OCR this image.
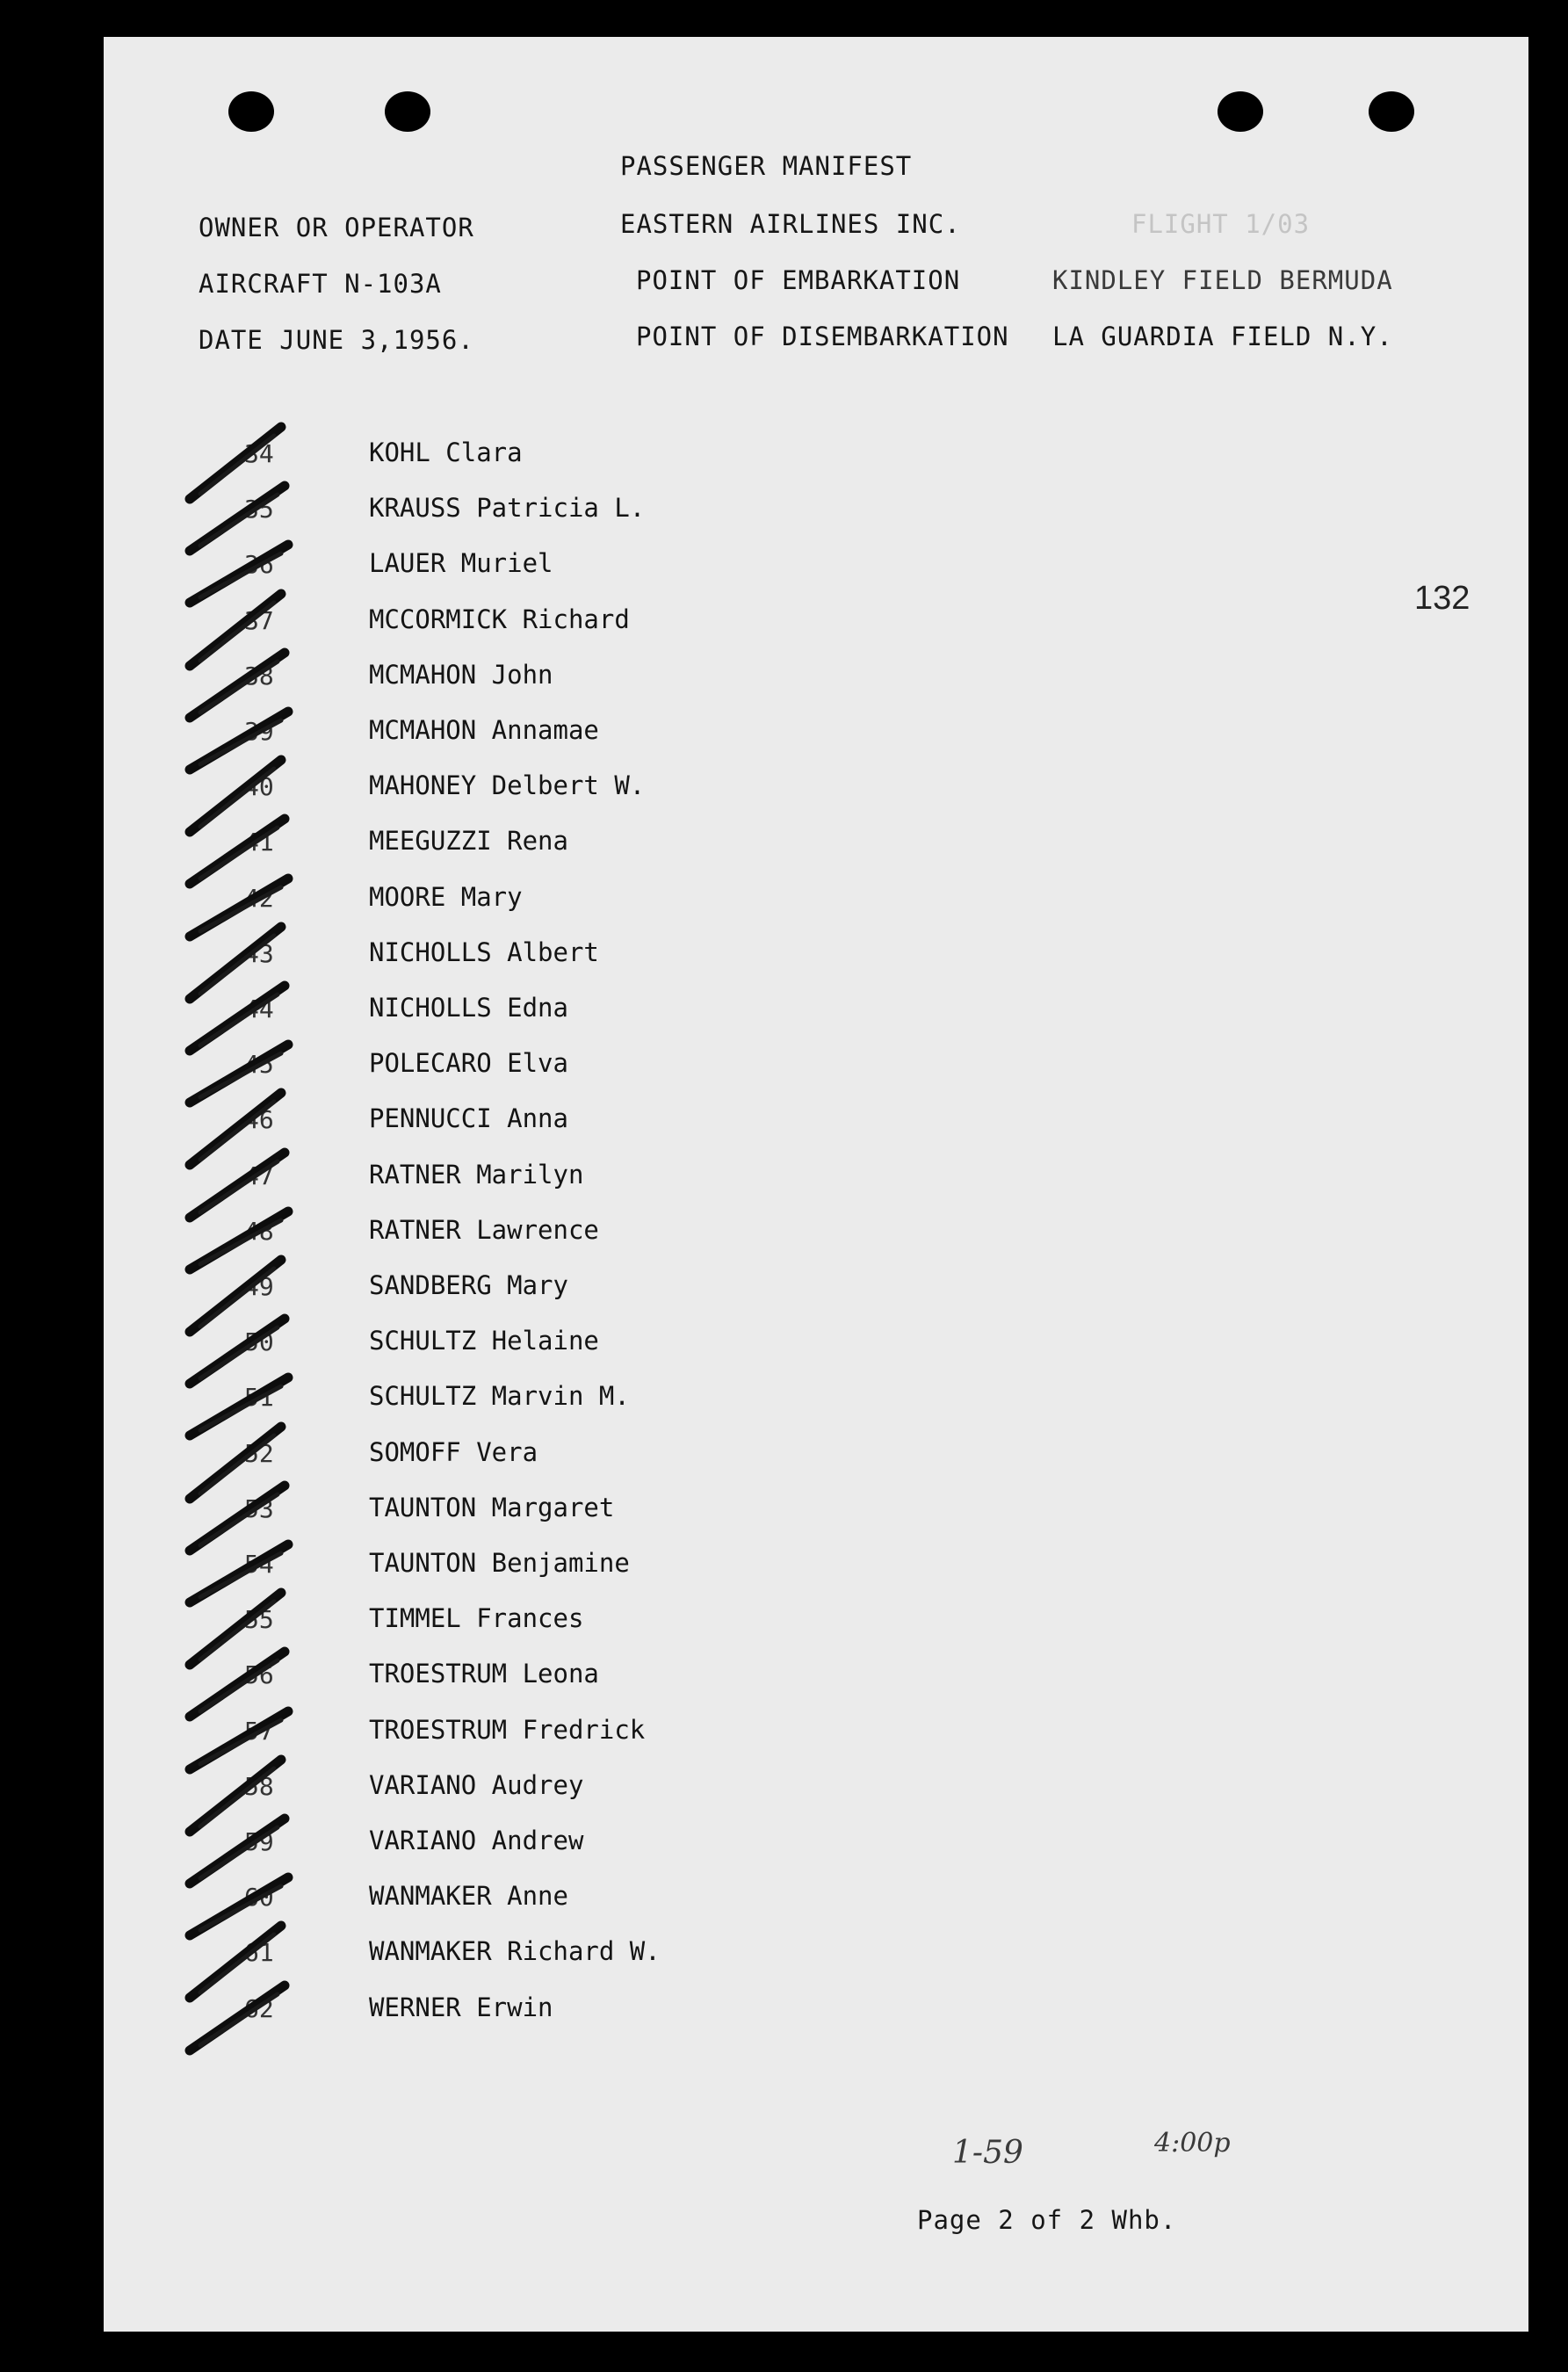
PASSENGER MANIFEST
OWNER OR OPERATOR	EASTERN AIRLINES INC.	FLIGHT 1/03
AIRCRAFT N-103A	POINT OF EMBARKATION	KINDLEY FIELD BERMUDA
DATE JUNE 3,1956.	POINT OF DISEMBARKATION LA GUARDIA FIELD N.Y.
132
34	KOHL Clara
35	KRAUSS Patricia L.
36	LAUER Muriel
37	MCCORMICK Richard
38	MCMAHON John
39	MCMAHON Annamae
40	MAHONEY Delbert W.
41	MEEGUZZI Rena
42	MOORE Mary
43	NICHOLLS Albert
44	NICHOLLS Edna
45	POLECARO Elva
46	PENNUCCI Anna
47	RATNER Marilyn
48	RATNER Lawrence
49	SANDBERG Mary
50	SCHULTZ Helaine
51	SCHULTZ Marvin M.
52	SOMOFF Vera
53	TAUNTON Margaret
54	TAUNTON Benjamine
55	TIMMEL Frances
56	TROESTRUM Leona
57	TROESTRUM Fredrick
58	VARIANO Audrey
59	VARIANO Andrew
60	WANMAKER Anne
61	WANMAKER Richard W.
62	WERNER Erwin
1-59	4:00p
Page 2 of 2 Whb.
